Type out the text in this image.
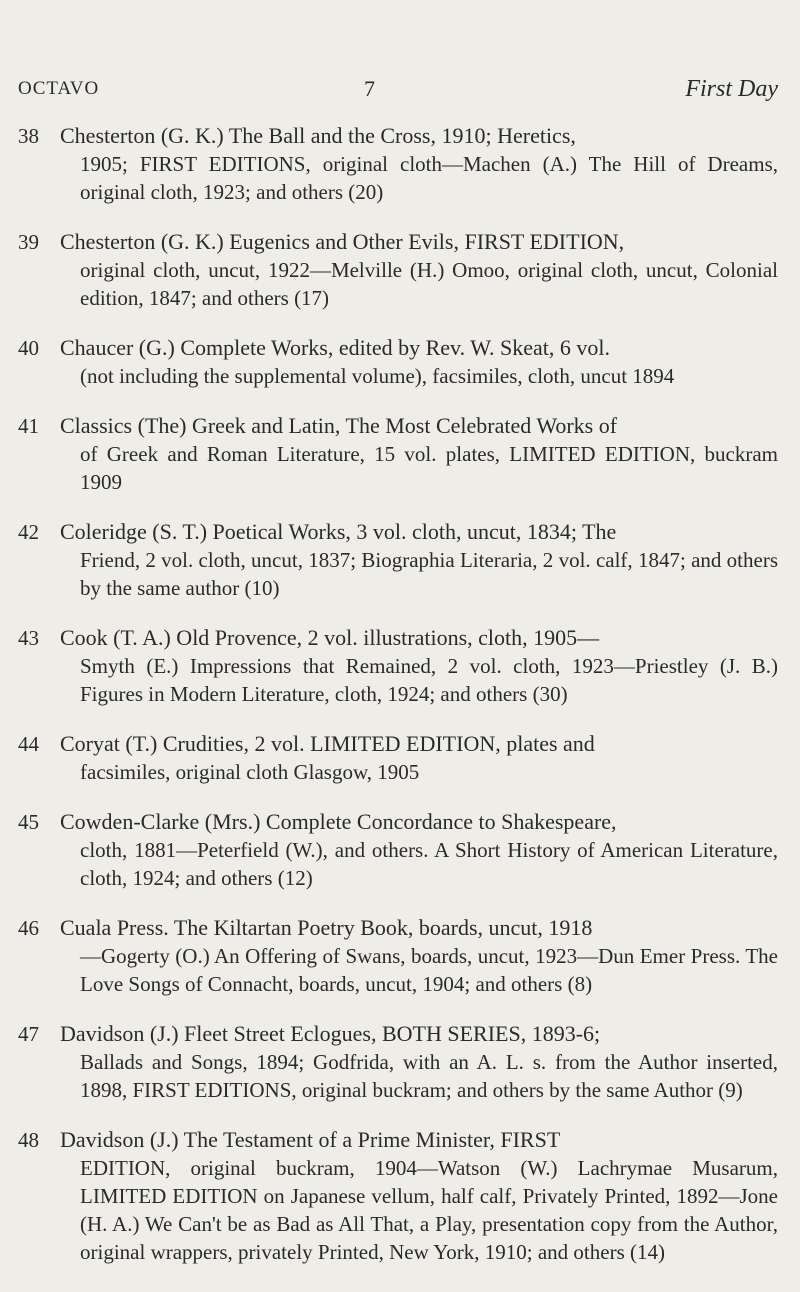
OCTAVO	7	First Day
38 Chesterton (G. K.) The Ball and the Cross, 1910; Heretics,
1905; FIRST EDITIONS, original cloth—Machen (A.) The Hill of Dreams, original cloth, 1923; and others (20)
39 Chesterton (G. K.) Eugenics and Other Evils, FIRST EDITION,
original cloth, uncut, 1922—Melville (H.) Omoo, original cloth, uncut, Colonial edition, 1847; and others (17)
40 Chaucer (G.) Complete Works, edited by Rev. W. Skeat, 6 vol.
(not including the supplemental volume), facsimiles, cloth, uncut 1894
41 Classics (The) Greek and Latin, The Most Celebrated Works of
of Greek and Roman Literature, 15 vol. plates, LIMITED EDITION, buckram 1909
42 Coleridge (S. T.) Poetical Works, 3 vol. cloth, uncut, 1834; The
Friend, 2 vol. cloth, uncut, 1837; Biographia Literaria, 2 vol. calf, 1847; and others by the same author (10)
43 Cook (T. A.) Old Provence, 2 vol. illustrations, cloth, 1905—
Smyth (E.) Impressions that Remained, 2 vol. cloth, 1923—Priestley (J. B.) Figures in Modern Literature, cloth, 1924; and others (30)
44 Coryat (T.) Crudities, 2 vol. LIMITED EDITION, plates and
facsimiles, original cloth Glasgow, 1905
45 Cowden-Clarke (Mrs.) Complete Concordance to Shakespeare,
cloth, 1881—Peterfield (W.), and others. A Short History of American Literature, cloth, 1924; and others (12)
46 Cuala Press. The Kiltartan Poetry Book, boards, uncut, 1918
—Gogerty (O.) An Offering of Swans, boards, uncut, 1923—Dun Emer Press. The Love Songs of Connacht, boards, uncut, 1904; and others (8)
47 Davidson (J.) Fleet Street Eclogues, BOTH SERIES, 1893-6;
Ballads and Songs, 1894; Godfrida, with an A. L. s. from the Author inserted, 1898, FIRST EDITIONS, original buckram; and others by the same Author (9)
48 Davidson (J.) The Testament of a Prime Minister, FIRST
EDITION, original buckram, 1904—Watson (W.) Lachrymae Musarum, LIMITED EDITION on Japanese vellum, half calf, Privately Printed, 1892—Jone (H. A.) We Can't be as Bad as All That, a Play, presentation copy from the Author, original wrappers, privately Printed, New York, 1910; and others (14)
